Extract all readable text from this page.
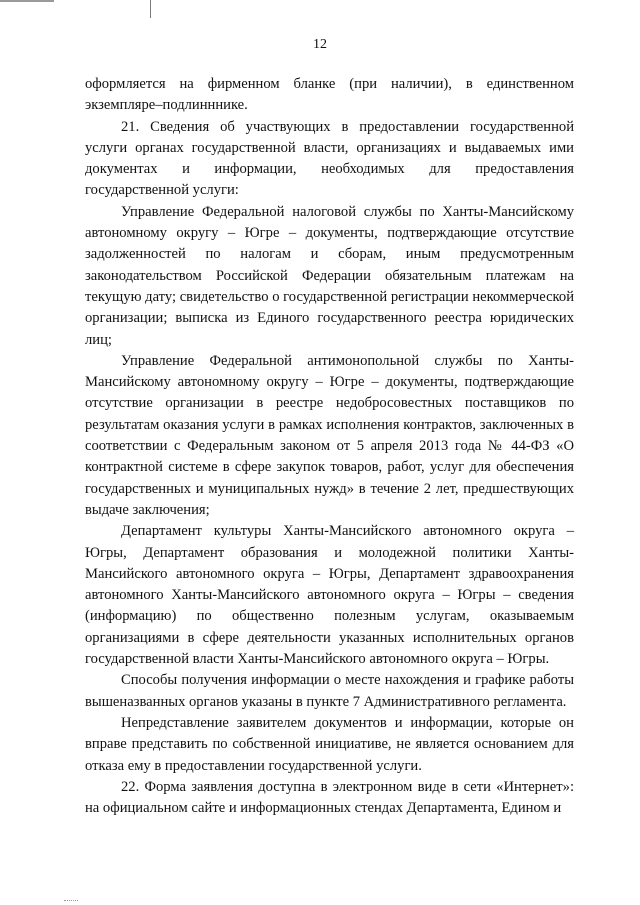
12

оформляется на фирменном бланке (при наличии), в единственном экземпляре–подлинннике.

21. Сведения об участвующих в предоставлении государственной услуги органах государственной власти, организациях и выдаваемых ими документах и информации, необходимых для предоставления государственной услуги:

Управление Федеральной налоговой службы по Ханты-Мансийскому автономному округу – Югре – документы, подтверждающие отсутствие задолженностей по налогам и сборам, иным предусмотренным законодательством Российской Федерации обязательным платежам на текущую дату; свидетельство о государственной регистрации некоммерческой организации; выписка из Единого государственного реестра юридических лиц;

Управление Федеральной антимонопольной службы по Ханты-Мансийскому автономному округу – Югре – документы, подтверждающие отсутствие организации в реестре недобросовестных поставщиков по результатам оказания услуги в рамках исполнения контрактов, заключенных в соответствии с Федеральным законом от 5 апреля 2013 года № 44-ФЗ «О контрактной системе в сфере закупок товаров, работ, услуг для обеспечения государственных и муниципальных нужд» в течение 2 лет, предшествующих выдаче заключения;

Департамент культуры Ханты-Мансийского автономного округа – Югры, Департамент образования и молодежной политики Ханты-Мансийского автономного округа – Югры, Департамент здравоохранения автономного Ханты-Мансийского автономного округа – Югры – сведения (информацию) по общественно полезным услугам, оказываемым организациями в сфере деятельности указанных исполнительных органов государственной власти Ханты-Мансийского автономного округа – Югры.

Способы получения информации о месте нахождения и графике работы вышеназванных органов указаны в пункте 7 Административного регламента.

Непредставление заявителем документов и информации, которые он вправе представить по собственной инициативе, не является основанием для отказа ему в предоставлении государственной услуги.

22. Форма заявления доступна в электронном виде в сети «Интернет»: на официальном сайте и информационных стендах Департамента, Едином и
